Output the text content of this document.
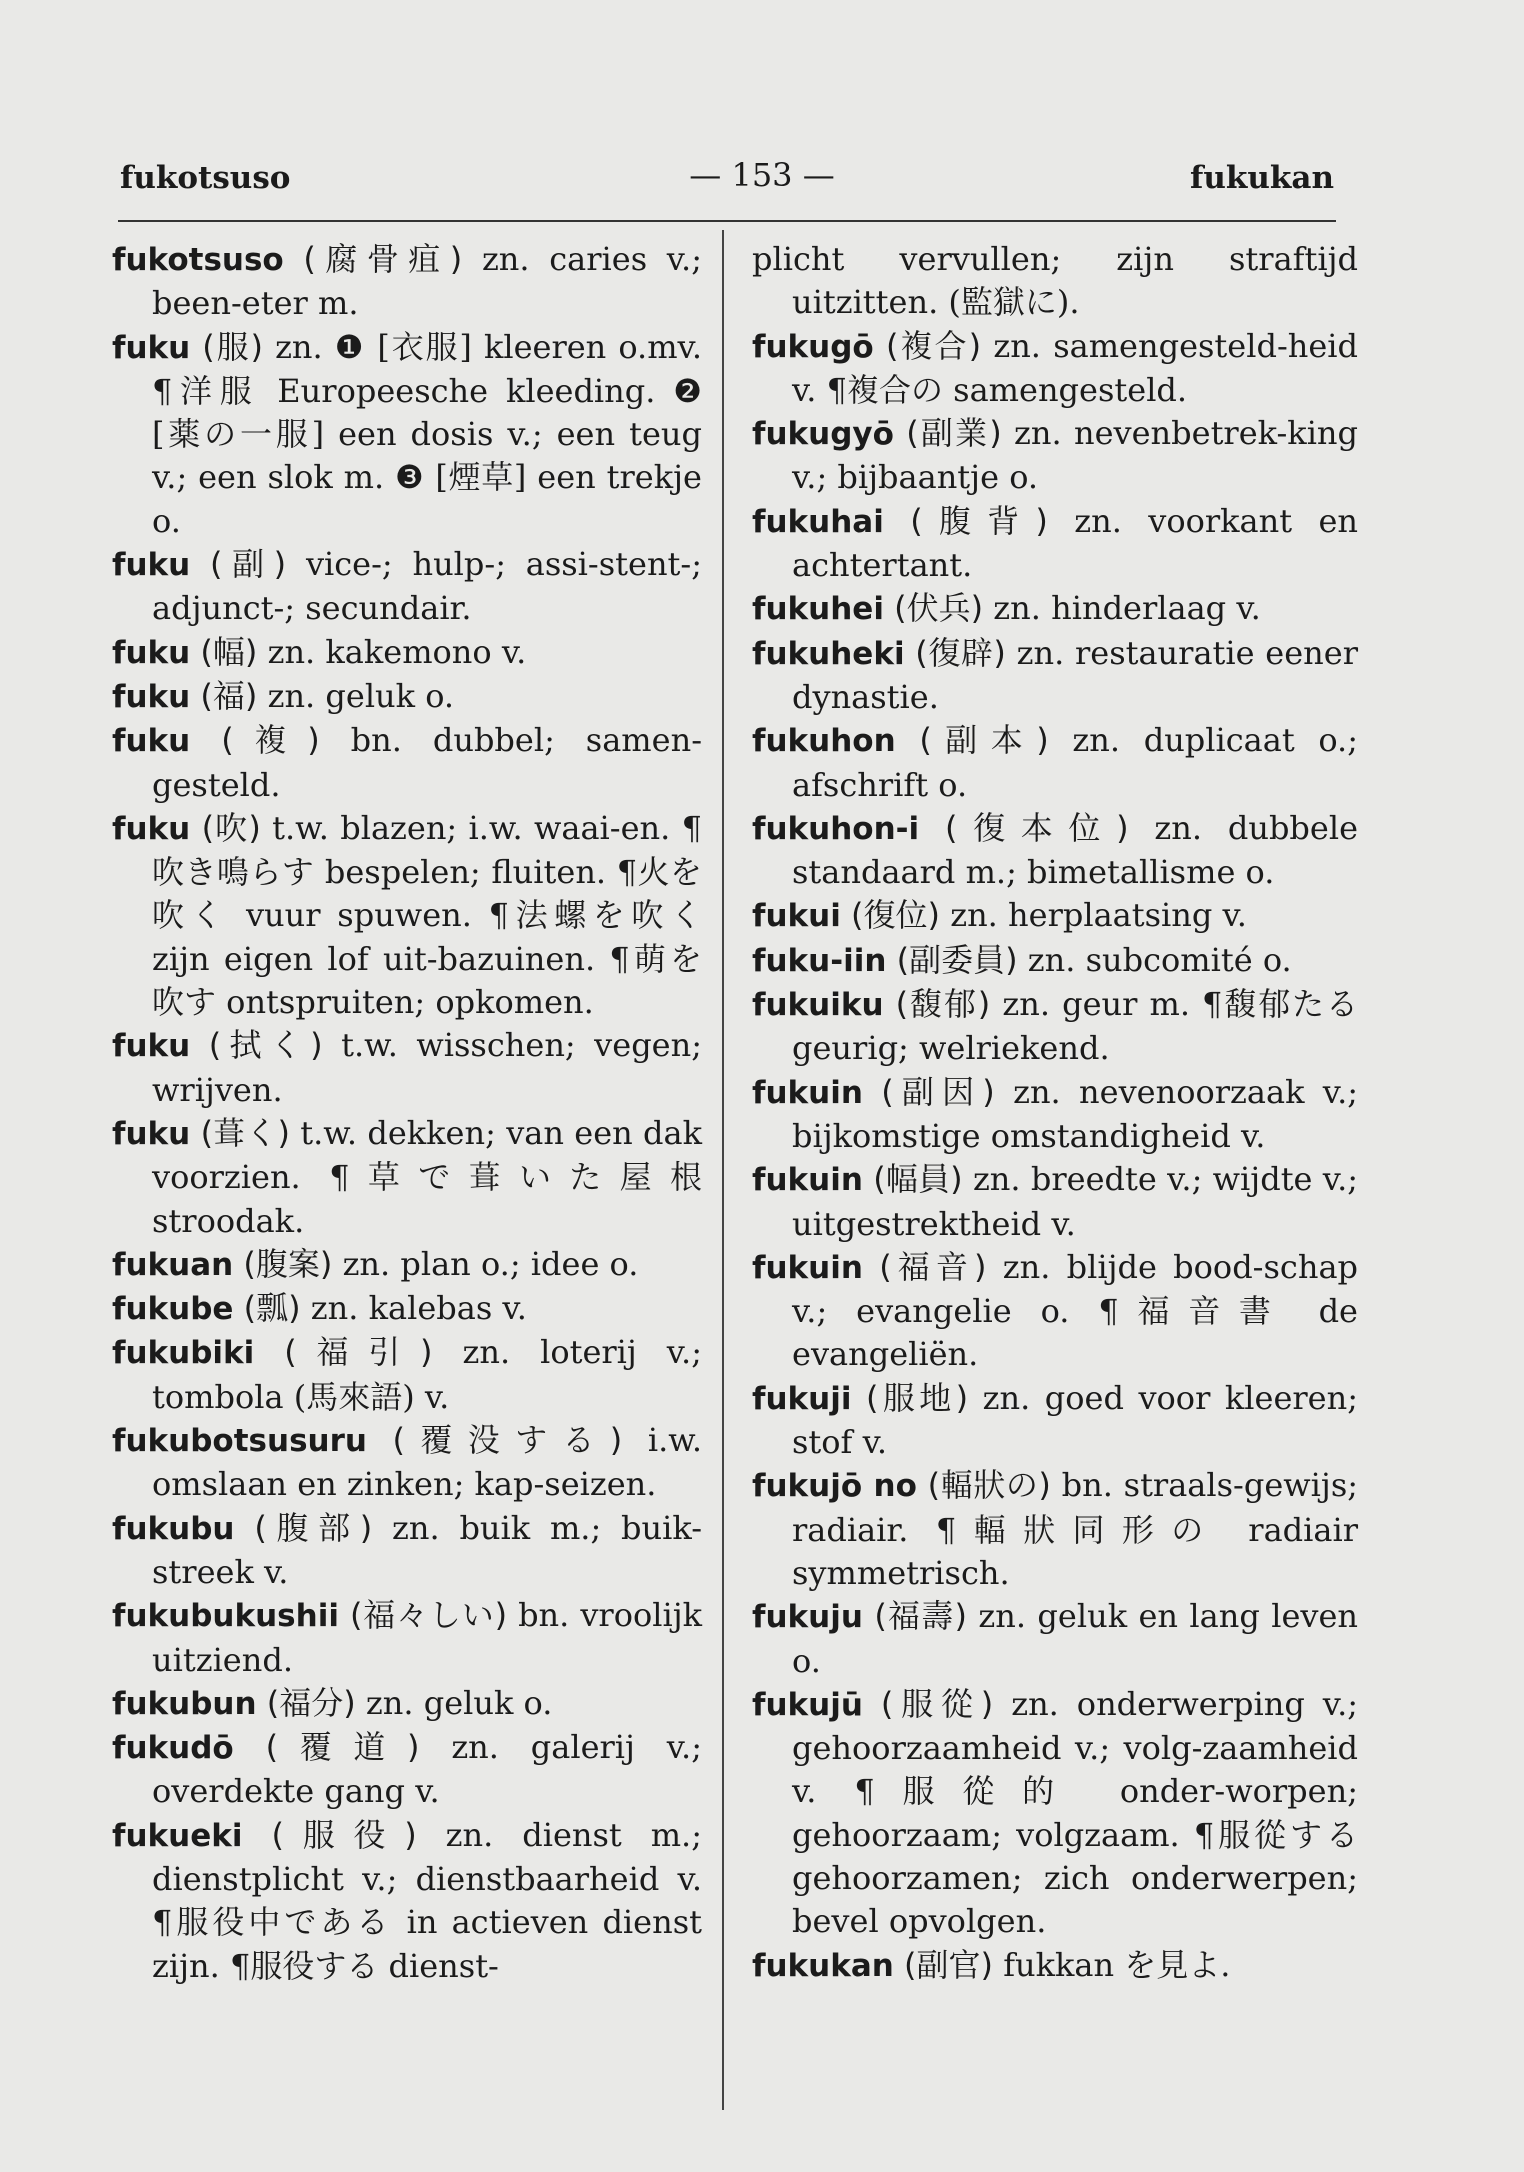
fukotsuso	— 153 —	fukukan

fukotsuso (腐骨疽) zn. caries v.; been-eter m.

fuku (服) zn. ❶ [衣服] kleeren o.mv. ¶洋服 Europeesche kleeding. ❷ [薬の一服] een dosis v.; een teug v.; een slok m. ❸ [煙草] een trekje o.

fuku (副) vice-; hulp-; assi-stent-; adjunct-; secundair.

fuku (幅) zn. kakemono v.

fuku (福) zn. geluk o.

fuku (複) bn. dubbel; samen-gesteld.

fuku (吹) t.w. blazen; i.w. waai-en. ¶吹き鳴らす bespelen; fluiten. ¶火を吹く vuur spuwen. ¶法螺を吹く zijn eigen lof uit-bazuinen. ¶萌を吹す ontspruiten; opkomen.

fuku (拭く) t.w. wisschen; vegen; wrijven.

fuku (葺く) t.w. dekken; van een dak voorzien. ¶草で葺いた屋根 stroodak.

fukuan (腹案) zn. plan o.; idee o.

fukube (瓢) zn. kalebas v.

fukubiki (福引) zn. loterij v.; tombola (馬來語) v.

fukubotsusuru (覆没する) i.w. omslaan en zinken; kap-seizen.

fukubu (腹部) zn. buik m.; buik-streek v.

fukubukushii (福々しい) bn. vroolijk uitziend.

fukubun (福分) zn. geluk o.

fukudō (覆道) zn. galerij v.; overdekte gang v.

fukueki (服役) zn. dienst m.; dienstplicht v.; dienstbaarheid v. ¶服役中である in actieven dienst zijn. ¶服役する dienst-

plicht vervullen; zijn straftijd uitzitten. (監獄に).

fukugō (複合) zn. samengesteld-heid v. ¶複合の samengesteld.

fukugyō (副業) zn. nevenbetrek-king v.; bijbaantje o.

fukuhai (腹背) zn. voorkant en achtertant.

fukuhei (伏兵) zn. hinderlaag v.

fukuheki (復辟) zn. restauratie eener dynastie.

fukuhon (副本) zn. duplicaat o.; afschrift o.

fukuhon-i (復本位) zn. dubbele standaard m.; bimetallisme o.

fukui (復位) zn. herplaatsing v.

fuku-iin (副委員) zn. subcomité o.

fukuiku (馥郁) zn. geur m. ¶馥郁たる geurig; welriekend.

fukuin (副因) zn. nevenoorzaak v.; bijkomstige omstandigheid v.

fukuin (幅員) zn. breedte v.; wijdte v.; uitgestrektheid v.

fukuin (福音) zn. blijde bood-schap v.; evangelie o. ¶福音書 de evangeliën.

fukuji (服地) zn. goed voor kleeren; stof v.

fukujō no (輻狀の) bn. straals-gewijs; radiair. ¶輻狀同形の radiair symmetrisch.

fukuju (福壽) zn. geluk en lang leven o.

fukujū (服從) zn. onderwerping v.; gehoorzaamheid v.; volg-zaamheid v. ¶服從的 onder-worpen; gehoorzaam; volgzaam. ¶服從する gehoorzamen; zich onderwerpen; bevel opvolgen.

fukukan (副官) fukkan を見よ.
